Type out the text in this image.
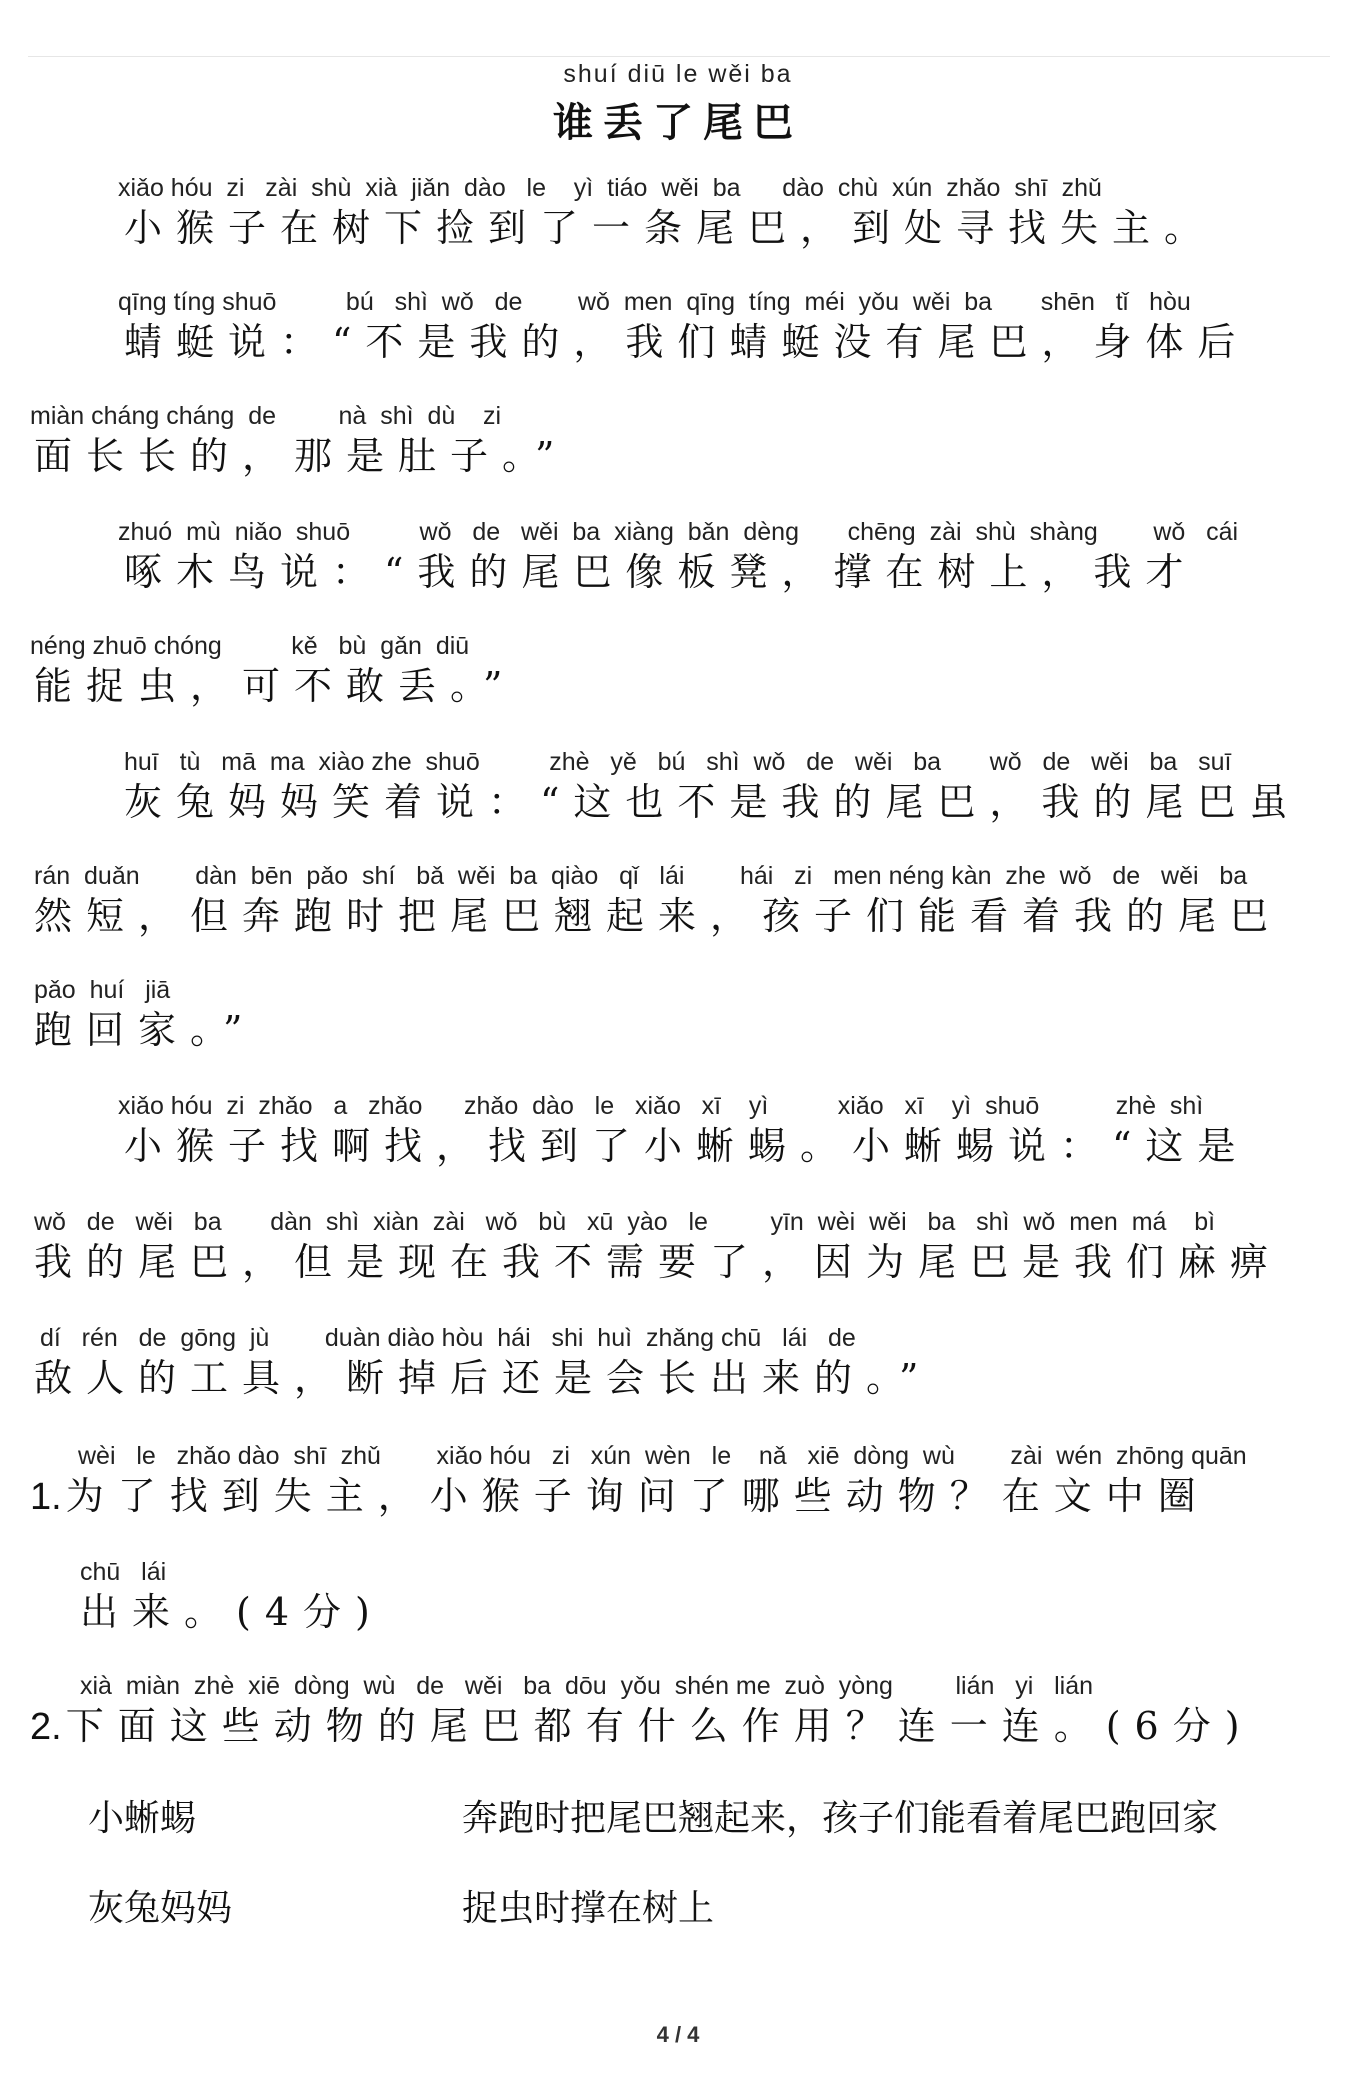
shuí diū le wěi ba
谁丢了尾巴
xiǎo hóu  zi   zài  shù  xià  jiǎn  dào   le    yì  tiáo  wěi  ba      dào  chù  xún  zhǎo  shī  zhǔ
小猴子在树下捡到了一条尾巴，到处寻找失主。
qīng tíng shuō          bú   shì  wǒ   de        wǒ  men  qīng  tíng  méi  yǒu  wěi  ba       shēn   tǐ   hòu
蜻蜓说：“不是我的，我们蜻蜓没有尾巴，身体后
miàn cháng cháng  de         nà  shì  dù    zi
面长长的，那是肚子。”
zhuó  mù  niǎo  shuō          wǒ   de   wěi  ba  xiàng  bǎn  dèng       chēng  zài  shù  shàng        wǒ   cái
啄木鸟说：“我的尾巴像板凳，撑在树上，我才
néng zhuō chóng          kě   bù  gǎn  diū
能捉虫，可不敢丢。”
huī   tù   mā  ma  xiào zhe  shuō          zhè   yě   bú   shì  wǒ   de   wěi   ba       wǒ   de   wěi   ba   suī
灰兔妈妈笑着说：“这也不是我的尾巴，我的尾巴虽
rán  duǎn        dàn  bēn  pǎo  shí   bǎ  wěi  ba  qiào   qǐ   lái        hái   zi   men néng kàn  zhe  wǒ   de   wěi   ba
然短，但奔跑时把尾巴翘起来，孩子们能看着我的尾巴
pǎo  huí   jiā
跑回家。”
xiǎo hóu  zi  zhǎo   a   zhǎo      zhǎo  dào   le   xiǎo   xī    yì          xiǎo   xī    yì  shuō           zhè  shì
小猴子找啊找，找到了小蜥蜴。小蜥蜴说：“这是
wǒ   de   wěi   ba       dàn  shì  xiàn  zài   wǒ   bù   xū  yào   le         yīn  wèi  wěi   ba   shì  wǒ  men  má    bì
我的尾巴，但是现在我不需要了，因为尾巴是我们麻痹
dí   rén   de  gōng  jù        duàn diào hòu  hái   shi  huì  zhǎng chū   lái   de
敌人的工具，断掉后还是会长出来的。”
wèi   le   zhǎo dào  shī  zhǔ        xiǎo hóu   zi   xún  wèn   le    nǎ   xiē  dòng  wù        zài  wén  zhōng quān
1. 为了找到失主，小猴子询问了哪些动物？在文中圈
chū   lái
出来。(4分)
xià  miàn  zhè  xiē  dòng  wù   de   wěi   ba  dōu  yǒu  shén me  zuò  yòng         lián   yi   lián
2. 下面这些动物的尾巴都有什么作用？连一连。(6分)
小蜥蜴	奔跑时把尾巴翘起来，孩子们能看着尾巴跑回家
灰兔妈妈	捉虫时撑在树上
4 / 4
